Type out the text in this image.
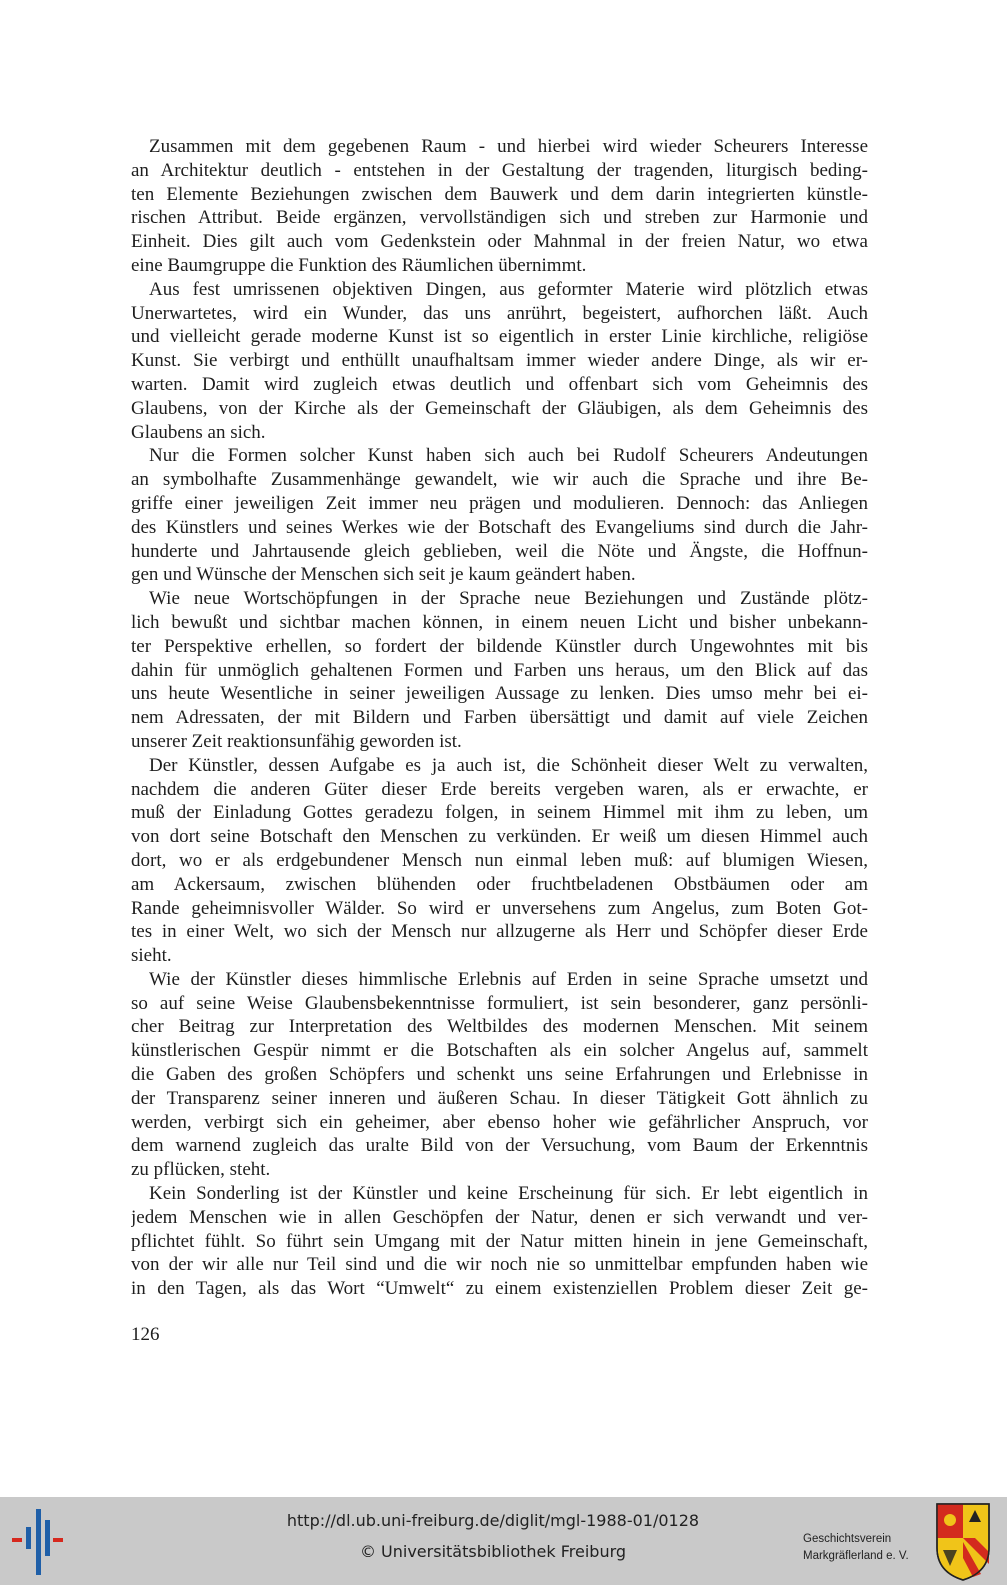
Zusammen mit dem gegebenen Raum - und hierbei wird wieder Scheurers Interesse
an Architektur deutlich - entstehen in der Gestaltung der tragenden, liturgisch beding-
ten Elemente Beziehungen zwischen dem Bauwerk und dem darin integrierten künstle-
rischen Attribut. Beide ergänzen, vervollständigen sich und streben zur Harmonie und
Einheit. Dies gilt auch vom Gedenkstein oder Mahnmal in der freien Natur, wo etwa
eine Baumgruppe die Funktion des Räumlichen übernimmt.
Aus fest umrissenen objektiven Dingen, aus geformter Materie wird plötzlich etwas
Unerwartetes, wird ein Wunder, das uns anrührt, begeistert, aufhorchen läßt. Auch
und vielleicht gerade moderne Kunst ist so eigentlich in erster Linie kirchliche, religiöse
Kunst. Sie verbirgt und enthüllt unaufhaltsam immer wieder andere Dinge, als wir er-
warten. Damit wird zugleich etwas deutlich und offenbart sich vom Geheimnis des
Glaubens, von der Kirche als der Gemeinschaft der Gläubigen, als dem Geheimnis des
Glaubens an sich.
Nur die Formen solcher Kunst haben sich auch bei Rudolf Scheurers Andeutungen
an symbolhafte Zusammenhänge gewandelt, wie wir auch die Sprache und ihre Be-
griffe einer jeweiligen Zeit immer neu prägen und modulieren. Dennoch: das Anliegen
des Künstlers und seines Werkes wie der Botschaft des Evangeliums sind durch die Jahr-
hunderte und Jahrtausende gleich geblieben, weil die Nöte und Ängste, die Hoffnun-
gen und Wünsche der Menschen sich seit je kaum geändert haben.
Wie neue Wortschöpfungen in der Sprache neue Beziehungen und Zustände plötz-
lich bewußt und sichtbar machen können, in einem neuen Licht und bisher unbekann-
ter Perspektive erhellen, so fordert der bildende Künstler durch Ungewohntes mit bis
dahin für unmöglich gehaltenen Formen und Farben uns heraus, um den Blick auf das
uns heute Wesentliche in seiner jeweiligen Aussage zu lenken. Dies umso mehr bei ei-
nem Adressaten, der mit Bildern und Farben übersättigt und damit auf viele Zeichen
unserer Zeit reaktionsunfähig geworden ist.
Der Künstler, dessen Aufgabe es ja auch ist, die Schönheit dieser Welt zu verwalten,
nachdem die anderen Güter dieser Erde bereits vergeben waren, als er erwachte, er
muß der Einladung Gottes geradezu folgen, in seinem Himmel mit ihm zu leben, um
von dort seine Botschaft den Menschen zu verkünden. Er weiß um diesen Himmel auch
dort, wo er als erdgebundener Mensch nun einmal leben muß: auf blumigen Wiesen,
am Ackersaum, zwischen blühenden oder fruchtbeladenen Obstbäumen oder am
Rande geheimnisvoller Wälder. So wird er unversehens zum Angelus, zum Boten Got-
tes in einer Welt, wo sich der Mensch nur allzugerne als Herr und Schöpfer dieser Erde
sieht.
Wie der Künstler dieses himmlische Erlebnis auf Erden in seine Sprache umsetzt und
so auf seine Weise Glaubensbekenntnisse formuliert, ist sein besonderer, ganz persönli-
cher Beitrag zur Interpretation des Weltbildes des modernen Menschen. Mit seinem
künstlerischen Gespür nimmt er die Botschaften als ein solcher Angelus auf, sammelt
die Gaben des großen Schöpfers und schenkt uns seine Erfahrungen und Erlebnisse in
der Transparenz seiner inneren und äußeren Schau. In dieser Tätigkeit Gott ähnlich zu
werden, verbirgt sich ein geheimer, aber ebenso hoher wie gefährlicher Anspruch, vor
dem warnend zugleich das uralte Bild von der Versuchung, vom Baum der Erkenntnis
zu pflücken, steht.
Kein Sonderling ist der Künstler und keine Erscheinung für sich. Er lebt eigentlich in
jedem Menschen wie in allen Geschöpfen der Natur, denen er sich verwandt und ver-
pflichtet fühlt. So führt sein Umgang mit der Natur mitten hinein in jene Gemeinschaft,
von der wir alle nur Teil sind und die wir noch nie so unmittelbar empfunden haben wie
in den Tagen, als das Wort “Umwelt“ zu einem existenziellen Problem dieser Zeit ge-
126
http://dl.ub.uni-freiburg.de/diglit/mgl-1988-01/0128
© Universitätsbibliothek Freiburg
Geschichtsverein
Markgräflerland e. V.
